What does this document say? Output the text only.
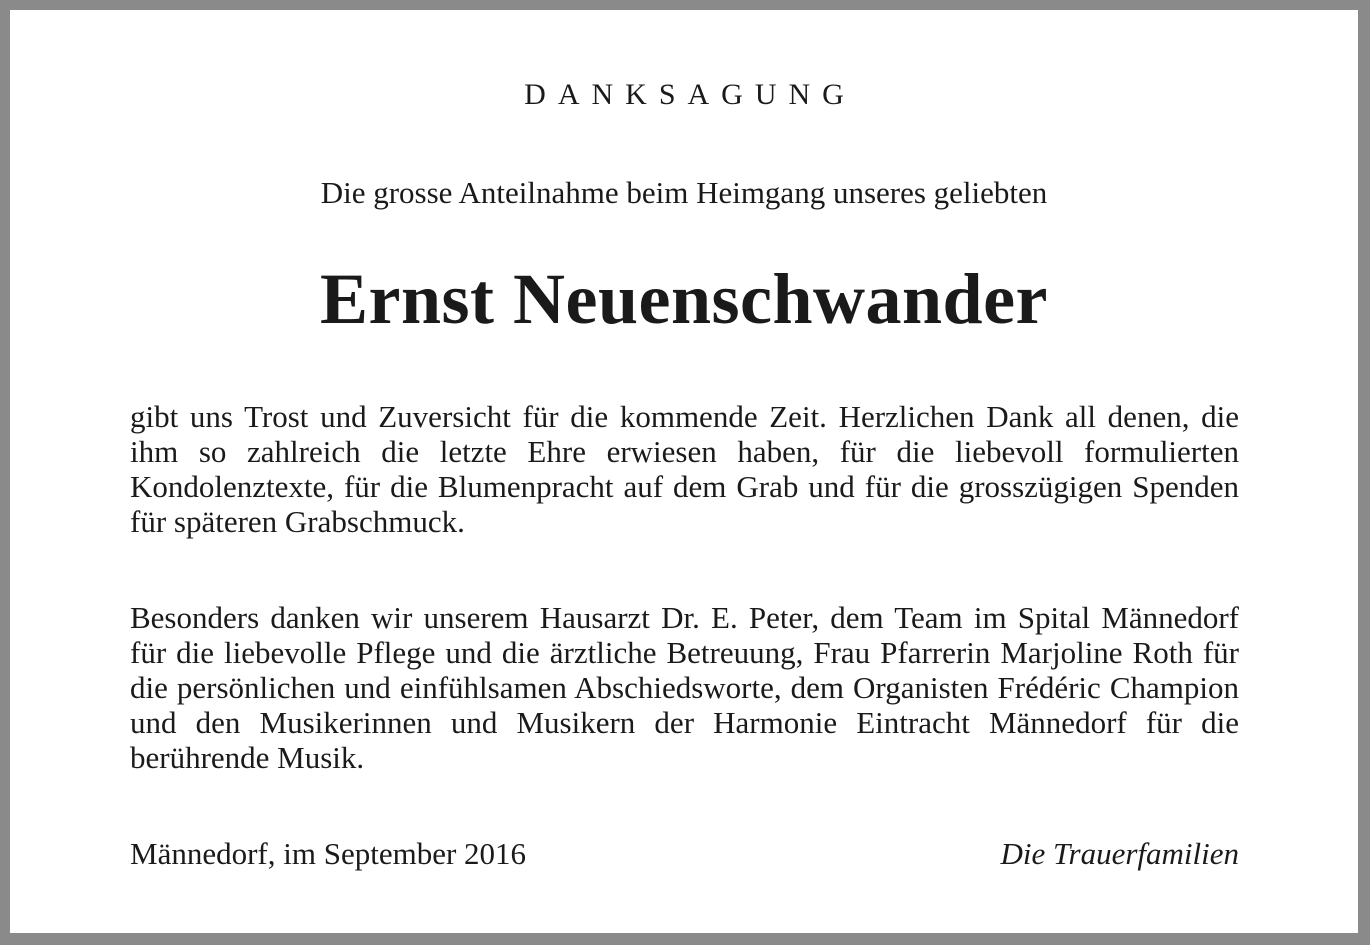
DANKSAGUNG
Die grosse Anteilnahme beim Heimgang unseres geliebten
Ernst Neuenschwander

gibt uns Trost und Zuversicht für die kommende Zeit. Herzlichen Dank all denen, die ihm so zahlreich die letzte Ehre erwiesen haben, für die liebevoll formulierten Kondolenztexte, für die Blumenpracht auf dem Grab und für die grosszügigen Spenden für späteren Grabschmuck.

Besonders danken wir unserem Hausarzt Dr. E. Peter, dem Team im Spital Männedorf für die liebevolle Pflege und die ärztliche Betreuung, Frau Pfarrerin Marjoline Roth für die persönlichen und einfühlsamen Abschiedsworte, dem Organisten Frédéric Champion und den Musikerinnen und Musikern der Harmonie Eintracht Männedorf für die berührende Musik.

Männedorf, im September 2016	Die Trauerfamilien
